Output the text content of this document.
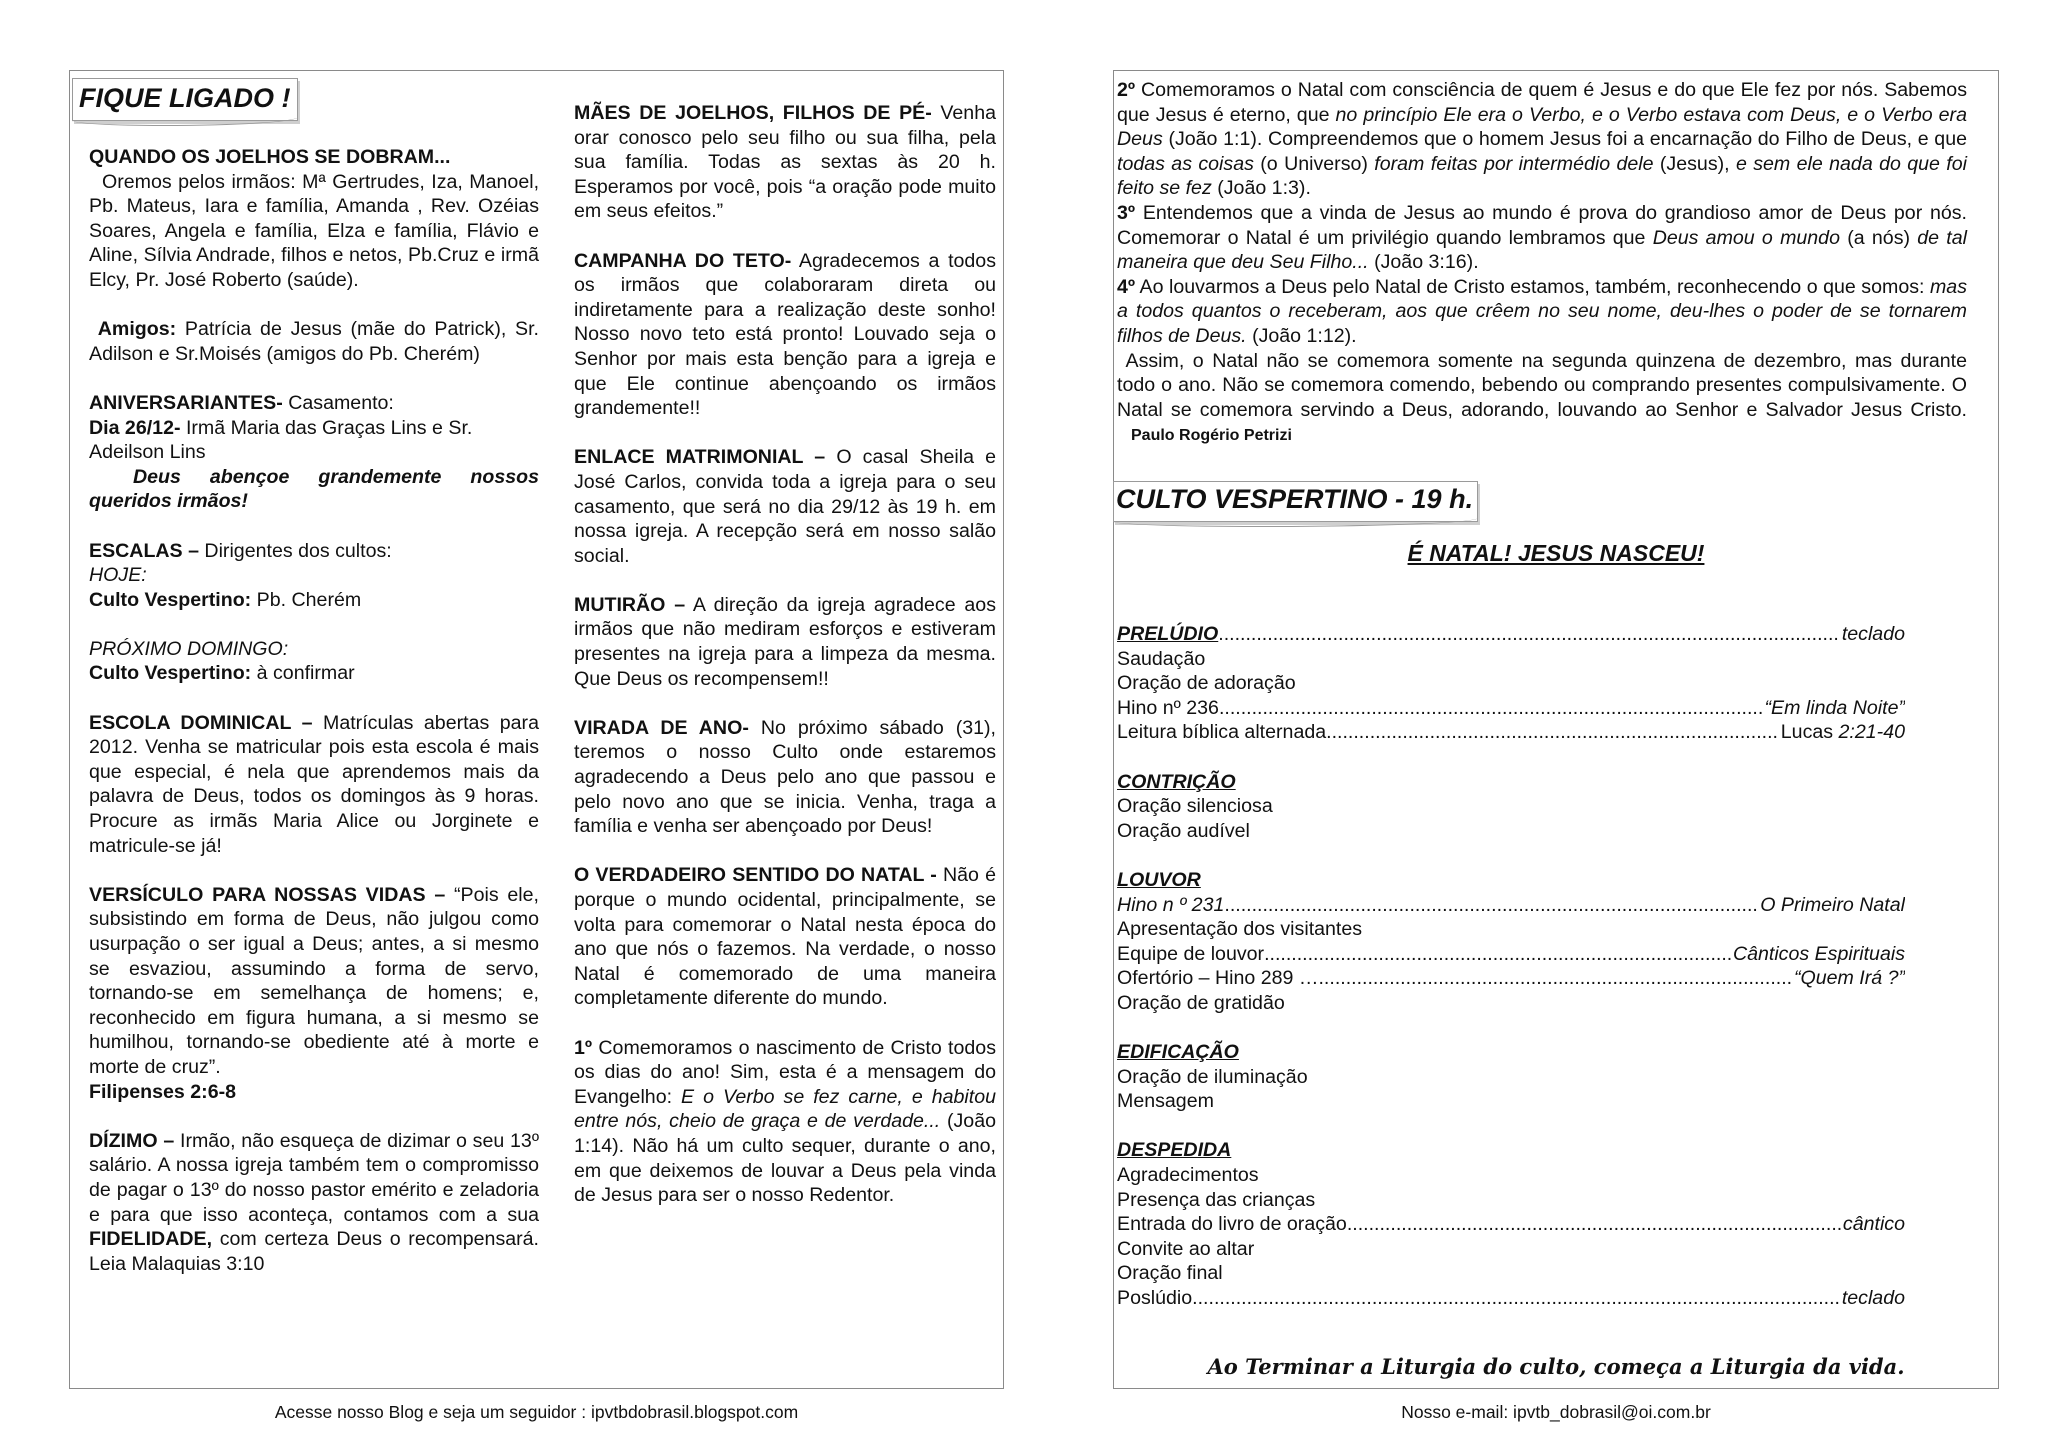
FIQUE LIGADO !

QUANDO OS JOELHOS SE DOBRAM...
Oremos pelos irmãos: Mª Gertrudes, Iza, Manoel, Pb. Mateus, Iara e família, Amanda , Rev. Ozéias Soares, Angela e família, Elza e família, Flávio e Aline, Sílvia Andrade, filhos e netos, Pb.Cruz e irmã Elcy, Pr. José Roberto (saúde).

Amigos: Patrícia de Jesus (mãe do Patrick), Sr. Adilson e Sr.Moisés (amigos do Pb. Cherém)

ANIVERSARIANTES- Casamento:
Dia 26/12- Irmã Maria das Graças Lins e Sr. Adeilson Lins

Deus abençoe grandemente nossos queridos irmãos!

ESCALAS – Dirigentes dos cultos:
HOJE:
Culto Vespertino: Pb. Cherém

PRÓXIMO DOMINGO:
Culto Vespertino: à confirmar

ESCOLA DOMINICAL – Matrículas abertas para 2012. Venha se matricular pois esta escola é mais que especial, é nela que aprendemos mais da palavra de Deus, todos os domingos às 9 horas. Procure as irmãs Maria Alice ou Jorginete e matricule-se já!

VERSÍCULO PARA NOSSAS VIDAS – “Pois ele, subsistindo em forma de Deus, não julgou como usurpação o ser igual a Deus; antes, a si mesmo se esvaziou, assumindo a forma de servo, tornando-se em semelhança de homens; e, reconhecido em figura humana, a si mesmo se humilhou, tornando-se obediente até à morte e morte de cruz”.
Filipenses 2:6-8

DÍZIMO – Irmão, não esqueça de dizimar o seu 13º salário. A nossa igreja também tem o compromisso de pagar o 13º do nosso pastor emérito e zeladoria e para que isso aconteça, contamos com a sua FIDELIDADE, com certeza Deus o recompensará. Leia Malaquias 3:10

MÃES DE JOELHOS, FILHOS DE PÉ- Venha orar conosco pelo seu filho ou sua filha, pela sua família. Todas as sextas às 20 h. Esperamos por você, pois “a oração pode muito em seus efeitos.”

CAMPANHA DO TETO- Agradecemos a todos os irmãos que colaboraram direta ou indiretamente para a realização deste sonho! Nosso novo teto está pronto! Louvado seja o Senhor por mais esta benção para a igreja e que Ele continue abençoando os irmãos grandemente!!

ENLACE MATRIMONIAL – O casal Sheila e José Carlos, convida toda a igreja para o seu casamento, que será no dia 29/12 às 19 h. em nossa igreja. A recepção será em nosso salão social.

MUTIRÃO – A direção da igreja agradece aos irmãos que não mediram esforços e estiveram presentes na igreja para a limpeza da mesma. Que Deus os recompensem!!

VIRADA DE ANO- No próximo sábado (31), teremos o nosso Culto onde estaremos agradecendo a Deus pelo ano que passou e pelo novo ano que se inicia. Venha, traga a família e venha ser abençoado por Deus!

O VERDADEIRO SENTIDO DO NATAL - Não é porque o mundo ocidental, principalmente, se volta para comemorar o Natal nesta época do ano que nós o fazemos. Na verdade, o nosso Natal é comemorado de uma maneira completamente diferente do mundo.

1º Comemoramos o nascimento de Cristo todos os dias do ano! Sim, esta é a mensagem do Evangelho: E o Verbo se fez carne, e habitou entre nós, cheio de graça e de verdade... (João 1:14). Não há um culto sequer, durante o ano, em que deixemos de louvar a Deus pela vinda de Jesus para ser o nosso Redentor.

2º Comemoramos o Natal com consciência de quem é Jesus e do que Ele fez por nós. Sabemos que Jesus é eterno, que no princípio Ele era o Verbo, e o Verbo estava com Deus, e o Verbo era Deus (João 1:1). Compreendemos que o homem Jesus foi a encarnação do Filho de Deus, e que todas as coisas (o Universo) foram feitas por intermédio dele (Jesus), e sem ele nada do que foi feito se fez (João 1:3).

3º Entendemos que a vinda de Jesus ao mundo é prova do grandioso amor de Deus por nós. Comemorar o Natal é um privilégio quando lembramos que Deus amou o mundo (a nós) de tal maneira que deu Seu Filho... (João 3:16).

4º Ao louvarmos a Deus pelo Natal de Cristo estamos, também, reconhecendo o que somos: mas a todos quantos o receberam, aos que crêem no seu nome, deu-lhes o poder de se tornarem filhos de Deus. (João 1:12).

Assim, o Natal não se comemora somente na segunda quinzena de dezembro, mas durante todo o ano. Não se comemora comendo, bebendo ou comprando presentes compulsivamente. O Natal se comemora servindo a Deus, adorando, louvando ao Senhor e Salvador Jesus Cristo. Paulo Rogério Petrizi

CULTO VESPERTINO - 19 h.

É NATAL! JESUS NASCEU!

PRELÚDIO .....	teclado
Saudação
Oração de adoração
Hino nº 236 .....	“Em linda Noite”
Leitura bíblica alternada .....	Lucas
2:21-40
CONTRIÇÃO
Oração silenciosa
Oração audível
LOUVOR
Hino n º 231 .....	O Primeiro Natal
Apresentação dos visitantes
Equipe de louvor .....	Cânticos Espirituais
Ofertório – Hino 289 … .....	“Quem Irá ?”
Oração de gratidão
EDIFICAÇÃO
Oração de iluminação
Mensagem
DESPEDIDA
Agradecimentos
Presença das crianças
Entrada do livro de oração .....	cântico
Convite ao altar
Oração final
Poslúdio .....	teclado
Ao Terminar a Liturgia do culto, começa a Liturgia da vida.
Acesse nosso Blog e seja um seguidor : ipvtbdobrasil.blogspot.com	Nosso e-mail: ipvtb_dobrasil@oi.com.br
